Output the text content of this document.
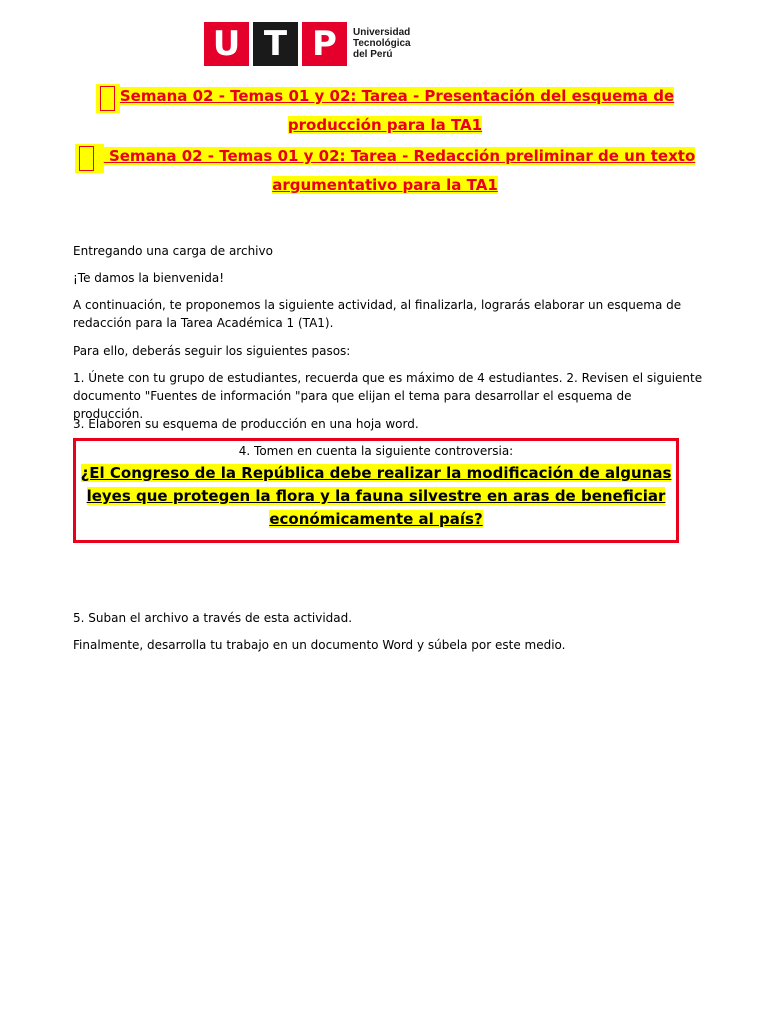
U T P	Universidad
Tecnológica
del Perú
Semana 02 - Temas 01 y 02: Tarea - Presentación del esquema de producción para la TA1
Semana 02 - Temas 01 y 02: Tarea - Redacción preliminar de un texto argumentativo para la TA1
Entregando una carga de archivo
¡Te damos la bienvenida!
A continuación, te proponemos la siguiente actividad, al finalizarla, lograrás elaborar un esquema de redacción para la Tarea Académica 1 (TA1).
Para ello, deberás seguir los siguientes pasos:
1. Únete con tu grupo de estudiantes, recuerda que es máximo de 4 estudiantes. 2. Revisen el siguiente documento "Fuentes de información "para que elijan el tema para desarrollar el esquema de producción.
3. Elaboren su esquema de producción en una hoja word.
4. Tomen en cuenta la siguiente controversia:
¿El Congreso de la República debe realizar la modificación de algunas leyes que protegen la flora y la fauna silvestre en aras de beneficiar económicamente al país?
5. Suban el archivo a través de esta actividad.
Finalmente, desarrolla tu trabajo en un documento Word y súbela por este medio.
